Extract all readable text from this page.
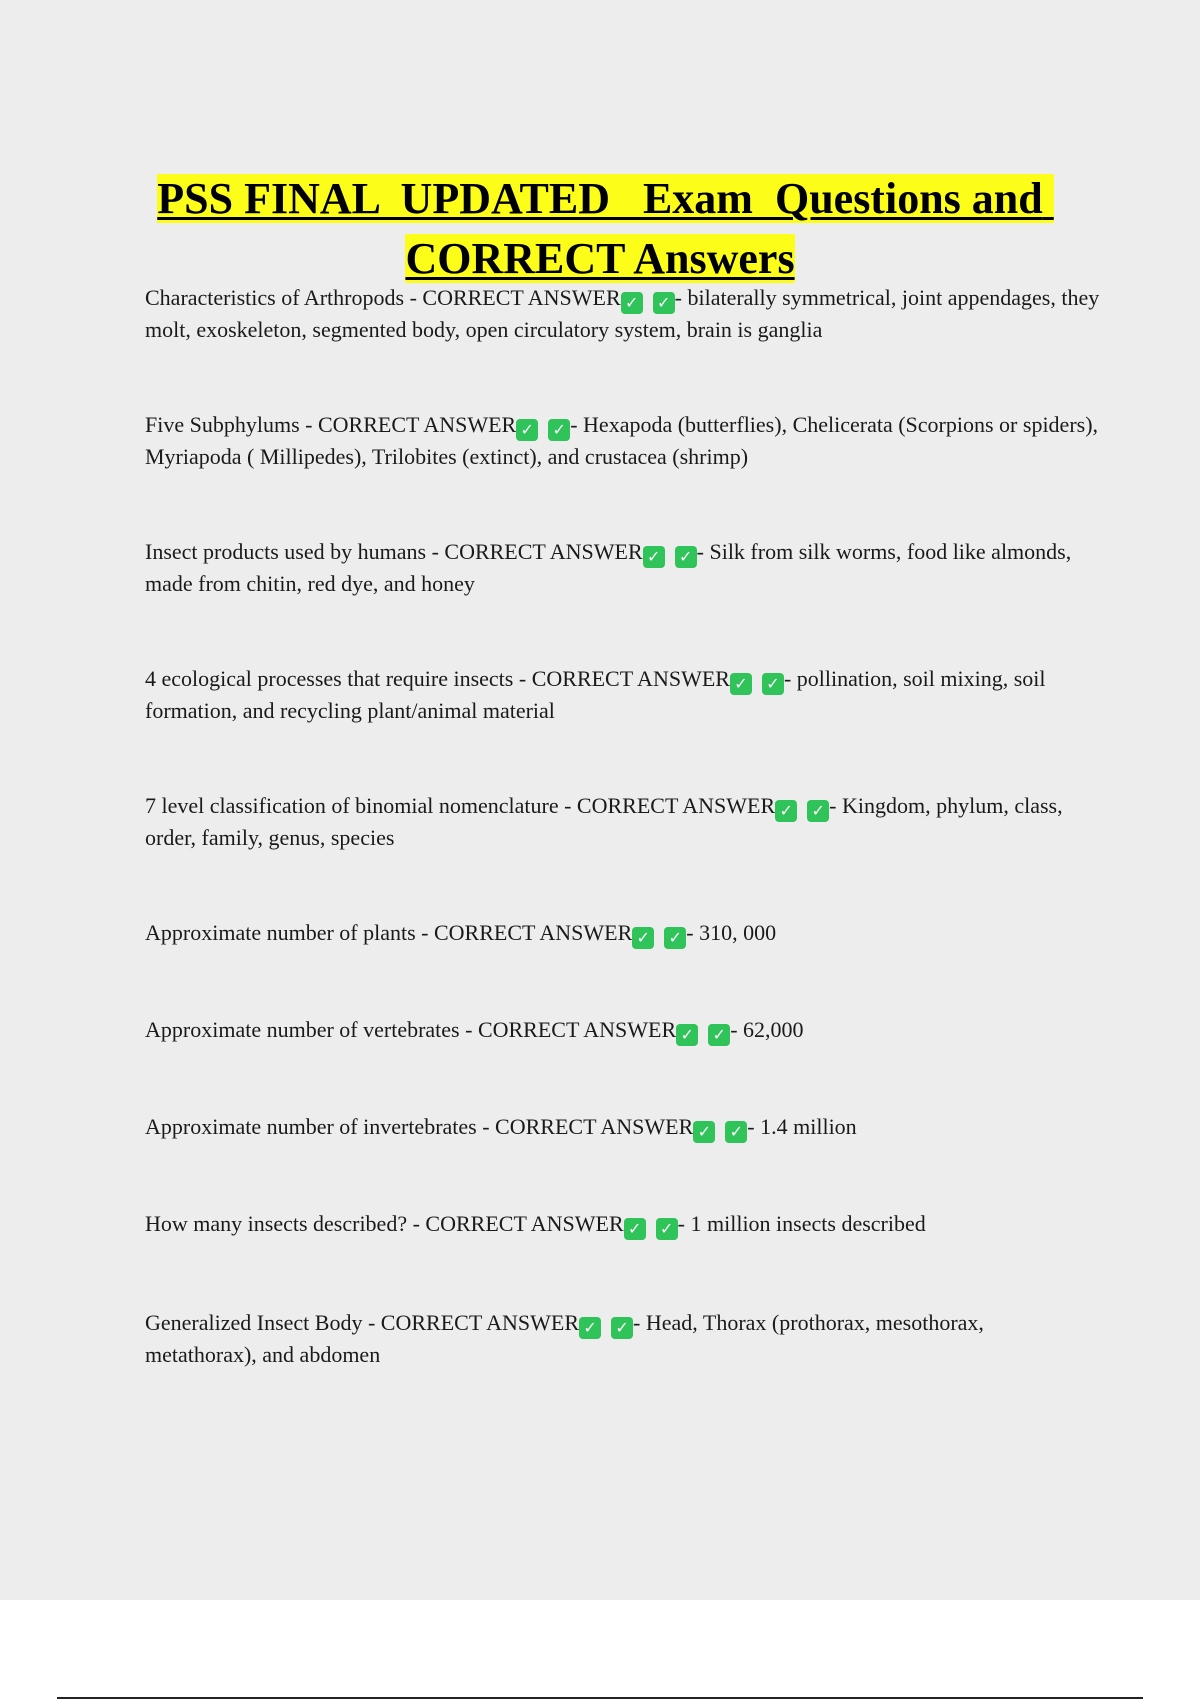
PSS FINAL  UPDATED   Exam  Questions and CORRECT Answers

Characteristics of Arthropods - CORRECT ANSWER ✓ ✓ - bilaterally symmetrical, joint appendages, they molt, exoskeleton, segmented body, open circulatory system, brain is ganglia

Five Subphylums - CORRECT ANSWER ✓ ✓ - Hexapoda (butterflies), Chelicerata (Scorpions or spiders), Myriapoda ( Millipedes), Trilobites (extinct), and crustacea (shrimp)

Insect products used by humans - CORRECT ANSWER ✓ ✓ - Silk from silk worms, food like almonds, made from chitin, red dye, and honey

4 ecological processes that require insects - CORRECT ANSWER ✓ ✓ - pollination, soil mixing, soil formation, and recycling plant/animal material

7 level classification of binomial nomenclature - CORRECT ANSWER ✓ ✓ - Kingdom, phylum, class, order, family, genus, species

Approximate number of plants - CORRECT ANSWER ✓ ✓ - 310, 000

Approximate number of vertebrates - CORRECT ANSWER ✓ ✓ - 62,000

Approximate number of invertebrates - CORRECT ANSWER ✓ ✓ - 1.4 million

How many insects described? - CORRECT ANSWER ✓ ✓ - 1 million insects described

Generalized Insect Body - CORRECT ANSWER ✓ ✓ - Head, Thorax (prothorax, mesothorax, metathorax), and abdomen
